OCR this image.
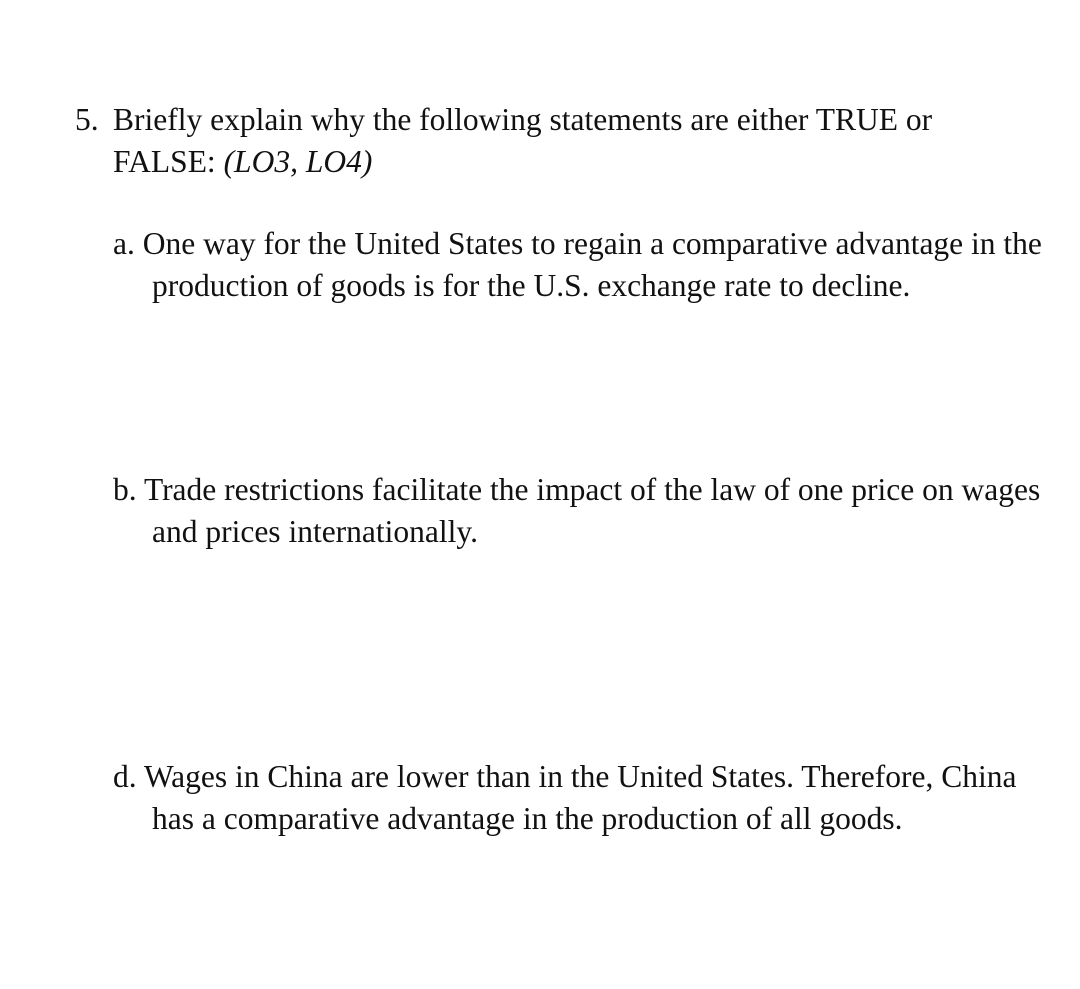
5. Briefly explain why the following statements are either TRUE or FALSE: (LO3, LO4)
a. One way for the United States to regain a comparative advantage in the production of goods is for the U.S. exchange rate to decline.
b. Trade restrictions facilitate the impact of the law of one price on wages and prices internationally.
d. Wages in China are lower than in the United States. Therefore, China has a comparative advantage in the production of all goods.
